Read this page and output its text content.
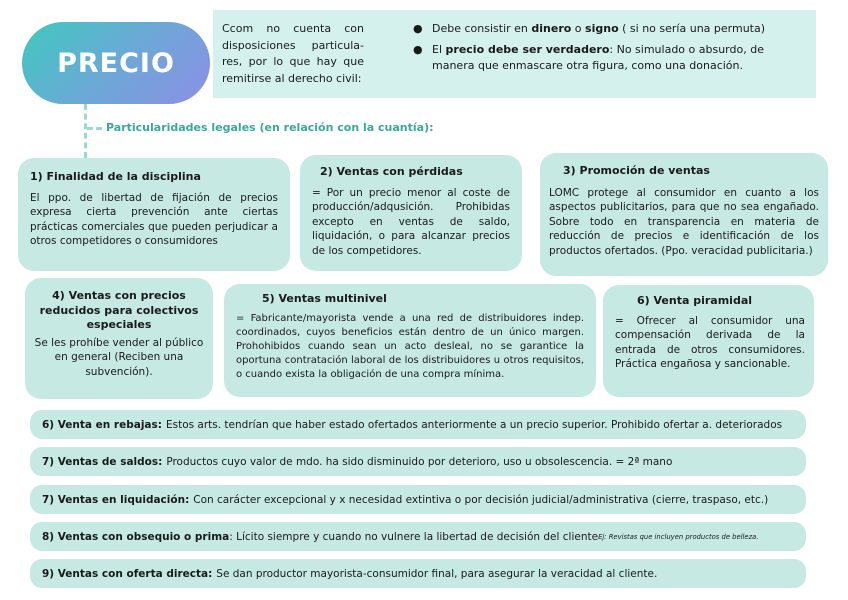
PRECIO
Ccom no cuenta con disposiciones particula-res, por lo que hay que remitirse al derecho civil:
● Debe consistir en dinero o signo ( si no sería una permuta)
● El precio debe ser verdadero: No simulado o absurdo, de
manera que enmascare otra figura, como una donación.
Particularidades legales (en relación con la cuantía):
1) Finalidad de la disciplina
El ppo. de libertad de fijación de precios expresa cierta prevención ante ciertas prácticas comerciales que pueden perjudicar a otros competidores o consumidores
2) Ventas con pérdidas
= Por un precio menor al coste de producción/adqusición. Prohibidas excepto en ventas de saldo, liquidación, o para alcanzar precios de los competidores.
3) Promoción de ventas
LOMC protege al consumidor en cuanto a los aspectos publicitarios, para que no sea engañado. Sobre todo en transparencia en materia de reducción de precios e identificación de los productos ofertados. (Ppo. veracidad publicitaria.)
4) Ventas con precios reducidos para colectivos especiales
Se les prohíbe vender al público en general (Reciben una subvención).
5) Ventas multinivel
= Fabricante/mayorista vende a una red de distribuidores indep. coordinados, cuyos beneficios están dentro de un único margen. Prohohibidos cuando sean un acto desleal, no se garantice la oportuna contratación laboral de los distribuidores u otros requisitos, o cuando exista la obligación de una compra mínima.
6) Venta piramidal
= Ofrecer al consumidor una compensación derivada de la entrada de otros consumidores. Práctica engañosa y sancionable.
6) Venta en rebajas: Estos arts. tendrían que haber estado ofertados anteriormente a un precio superior. Prohibido ofertar a. deteriorados
7) Ventas de saldos: Productos cuyo valor de mdo. ha sido disminuido por deterioro, uso u obsolescencia. = 2ª mano
7) Ventas en liquidación: Con carácter excepcional y x necesidad extintiva o por decisión judicial/administrativa (cierre, traspaso, etc.)
8) Ventas con obsequio o prima : Lícito siempre y cuando no vulnere la libertad de decisión del cliente Ej: Revistas que incluyen productos de belleza.
9) Ventas con oferta directa: Se dan productor mayorista-consumidor final, para asegurar la veracidad al cliente.
